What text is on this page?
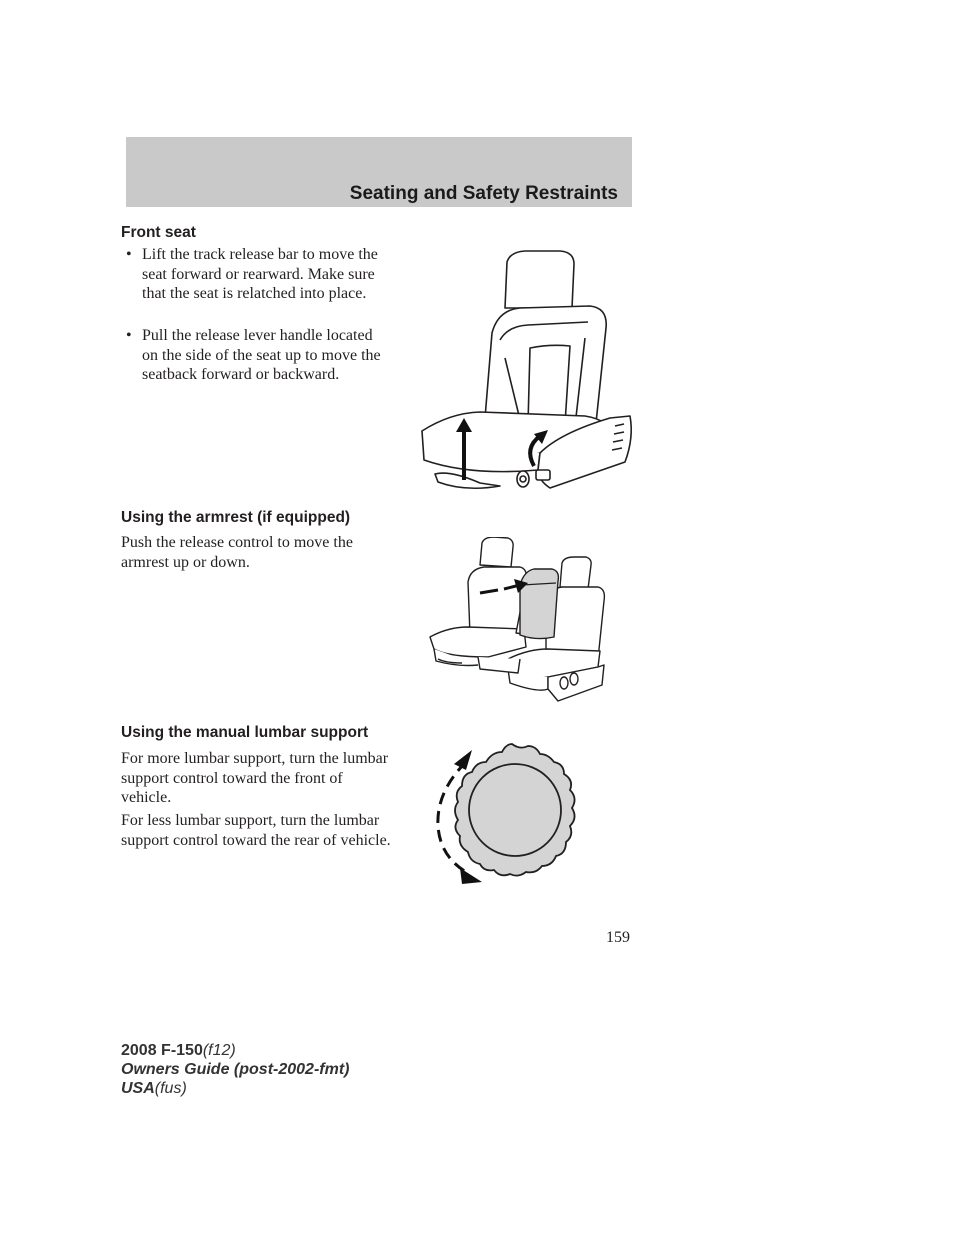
Seating and Safety Restraints
Front seat
• Lift the track release bar to move the seat forward or rearward. Make sure that the seat is relatched into place.
• Pull the release lever handle located on the side of the seat up to move the seatback forward or backward.
Using the armrest (if equipped)

Push the release control to move the armrest up or down.

Using the manual lumbar support

For more lumbar support, turn the lumbar support control toward the front of vehicle.

For less lumbar support, turn the lumbar support control toward the rear of vehicle.

159
2008 F-150(f12)
Owners Guide (post-2002-fmt)
USA(fus)
